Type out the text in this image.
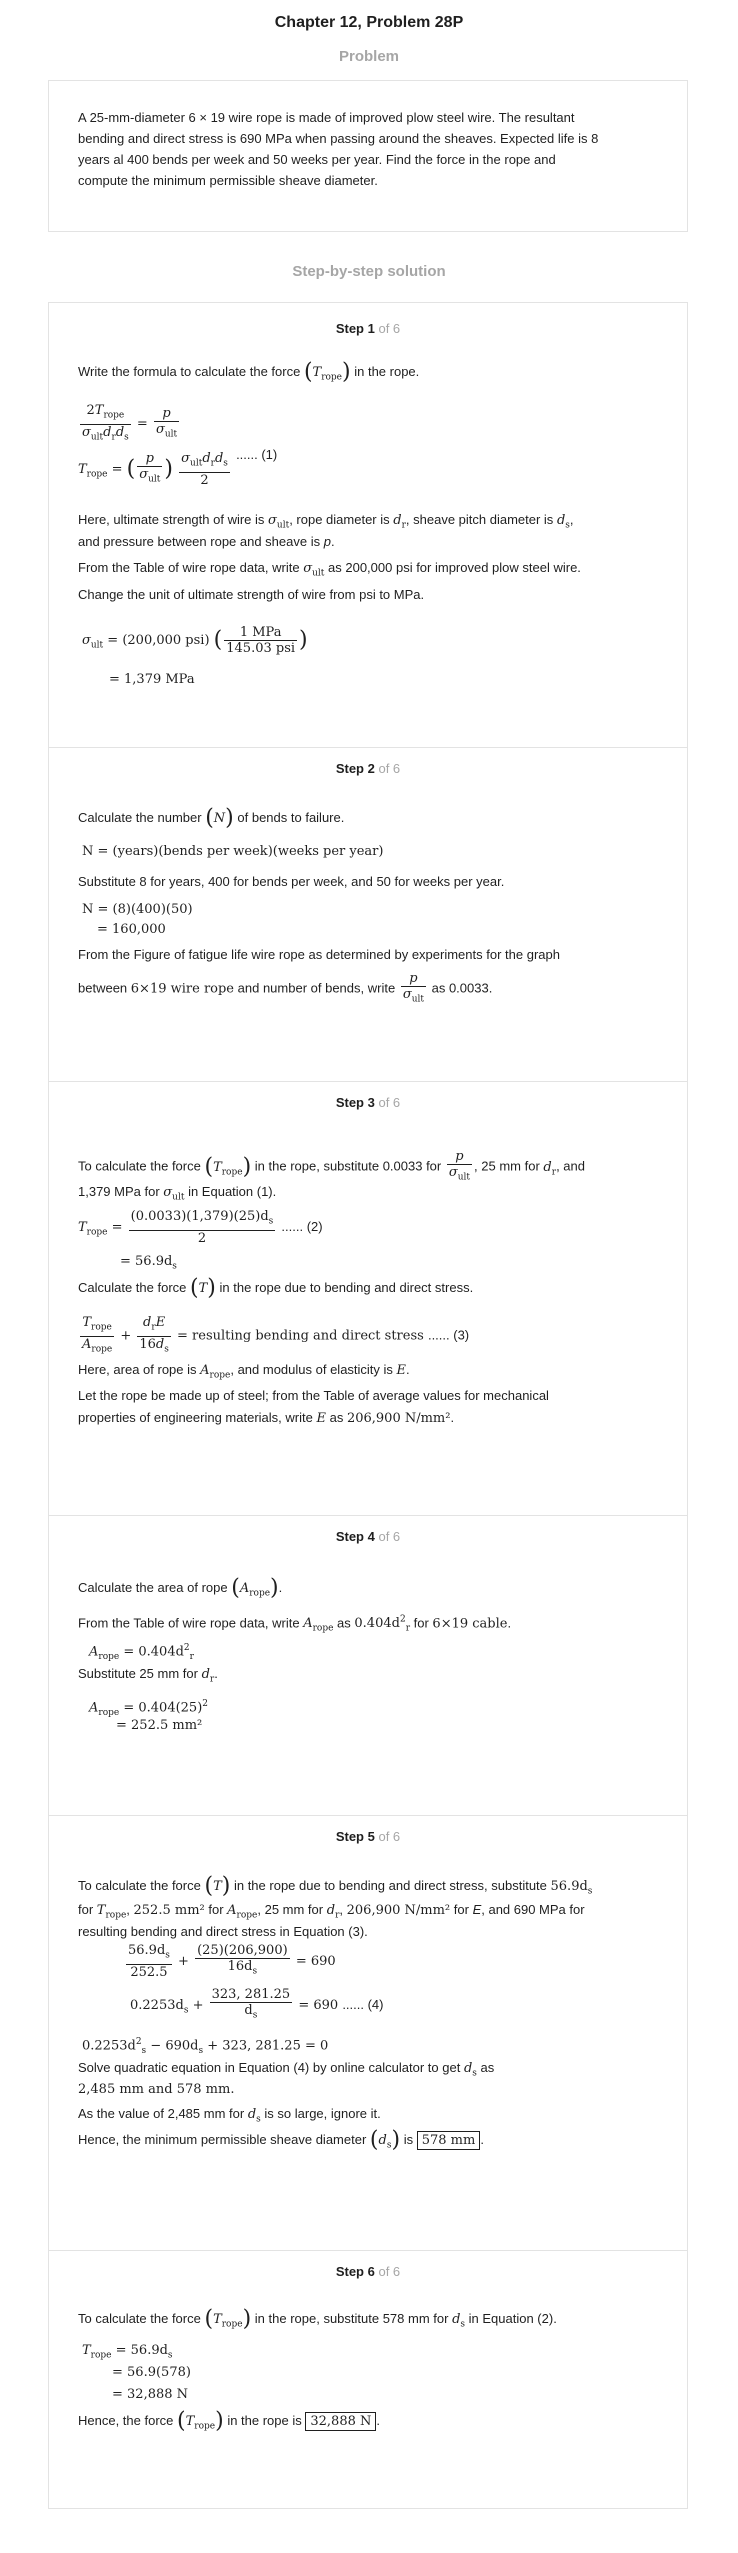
Chapter 12, Problem 28P
Problem
A 25-mm-diameter 6 × 19 wire rope is made of improved plow steel wire. The resultant
bending and direct stress is 690 MPa when passing around the sheaves. Expected life is 8
years al 400 bends per week and 50 weeks per year. Find the force in the rope and
compute the minimum permissible sheave diameter.
Step-by-step solution
Step 1 of 6
Write the formula to calculate the force $(T_{rope})$ in the rope.
$\frac{2T_{rope}}{\sigma_{ult}d_rd_s} = \frac{p}{\sigma_{ult}}$
$T_{rope}$ = ( $\frac{p}{\sigma_{ult}}$ ) $\frac{\sigma_{ult}d_rd_s}{2}$ ...... (1)
Here, ultimate strength of wire is $\sigma_{ult}$, rope diameter is $d_r$, sheave pitch diameter is $d_s$,
and pressure between rope and sheave is p.
From the Table of wire rope data, write $\sigma_{ult}$ as 200,000 psi for improved plow steel wire.
Change the unit of ultimate strength of wire from psi to MPa.
$\sigma_{ult} = (200,000$ psi) ( $\frac{\text{1 MPa}}{\text{145.03 psi}}$ )
= 1,379 MPa
Step 2 of 6
Calculate the number (N) of bends to failure.
N = (years)(bends per week)(weeks per year)
Substitute 8 for years, 400 for bends per week, and 50 for weeks per year.
N = (8)(400)(50)
= 160,000
From the Figure of fatigue life wire rope as determined by experiments for the graph
between 6×19 wire rope and number of bends, write $\frac{p}{\sigma_{ult}}$ as 0.0033.
Step 3 of 6
To calculate the force $(T_{rope})$ in the rope, substitute 0.0033 for $\frac{p}{\sigma_{ult}}$ , 25 mm for $d_r$, and
1,379 MPa for $\sigma_{ult}$ in Equation (1).
$T_{rope} = \frac{(0.0033)(1,379)(25)d_s}{2}$ ...... (2)
= $56.9d_s$
Calculate the force (T) in the rope due to bending and direct stress.
$\frac{T_{rope}}{A_{rope}} + \frac{d_rE}{16d_s}$ = resulting bending and direct stress ...... (3)
Here, area of rope is $A_{rope}$, and modulus of elasticity is E.
Let the rope be made up of steel; from the Table of average values for mechanical
properties of engineering materials, write E as 206,900 N/mm².
Step 4 of 6
Calculate the area of rope $(A_{rope})$.
From the Table of wire rope data, write $A_{rope}$ as $0.404d^2_r$ for 6×19 cable.
$A_{rope} = 0.404d^2_r$
Substitute 25 mm for $d_r$.
$A_{rope} = 0.404(25)^2$
= 252.5 mm²
Step 5 of 6
To calculate the force (T) in the rope due to bending and direct stress, substitute $56.9d_s$
for $T_{rope}$, 252.5 mm² for $A_{rope}$, 25 mm for $d_r$, 206,900 N/mm² for E, and 690 MPa for
resulting bending and direct stress in Equation (3).
$\frac{56.9d_s}{252.5} + \frac{(25)(206,900)}{16d_s} = 690$
$0.2253d_s + \frac{323, 281.25}{d_s} = 690$ ...... (4)
$0.2253d^2_s - 690d_s + 323$, 281.25 = 0
Solve quadratic equation in Equation (4) by online calculator to get $d_s$ as
2,485 mm and 578 mm.
As the value of 2,485 mm for $d_s$ is so large, ignore it.
Hence, the minimum permissible sheave diameter $(d_s)$ is 578 mm .
Step 6 of 6
To calculate the force $(T_{rope})$ in the rope, substitute 578 mm for $d_s$ in Equation (2).
$T_{rope} = 56.9d_s$
= 56.9(578)
= 32,888 N
Hence, the force $(T_{rope})$ in the rope is 32,888 N .
